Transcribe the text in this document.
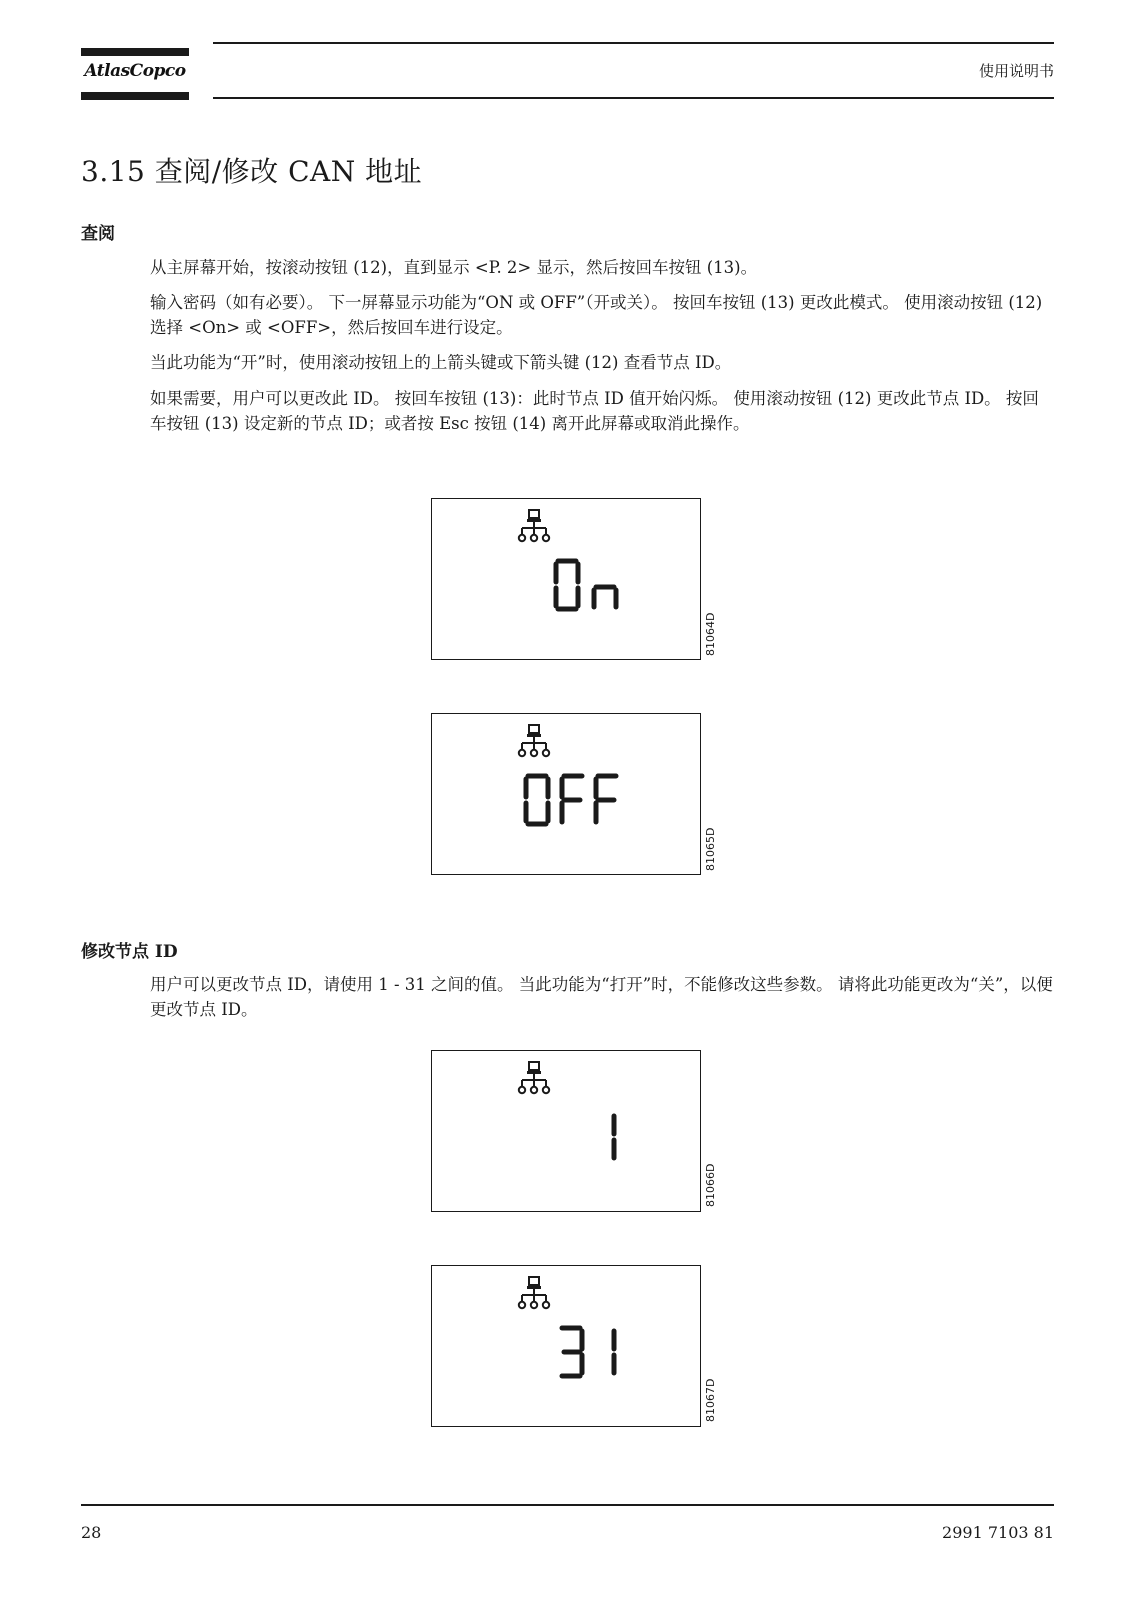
AtlasCopco	使用说明书
3.15 查阅/修改 CAN 地址
查阅

从主屏幕开始，按滚动按钮 (12)，直到显示 <P. 2> 显示，然后按回车按钮 (13)。

输入密码（如有必要）。 下一屏幕显示功能为“ON 或 OFF”（开或关）。 按回车按钮 (13) 更改此模式。 使用滚动按钮 (12) 选择 <On> 或 <OFF>，然后按回车进行设定。

当此功能为“开”时，使用滚动按钮上的上箭头键或下箭头键 (12) 查看节点 ID。

如果需要，用户可以更改此 ID。 按回车按钮 (13)：此时节点 ID 值开始闪烁。 使用滚动按钮 (12) 更改此节点 ID。 按回车按钮 (13) 设定新的节点 ID；或者按 Esc 按钮 (14) 离开此屏幕或取消此操作。

81064D
81065D
修改节点 ID

用户可以更改节点 ID，请使用 1 - 31 之间的值。 当此功能为“打开”时，不能修改这些参数。 请将此功能更改为“关”，以便更改节点 ID。

81066D
81067D
28	2991 7103 81
